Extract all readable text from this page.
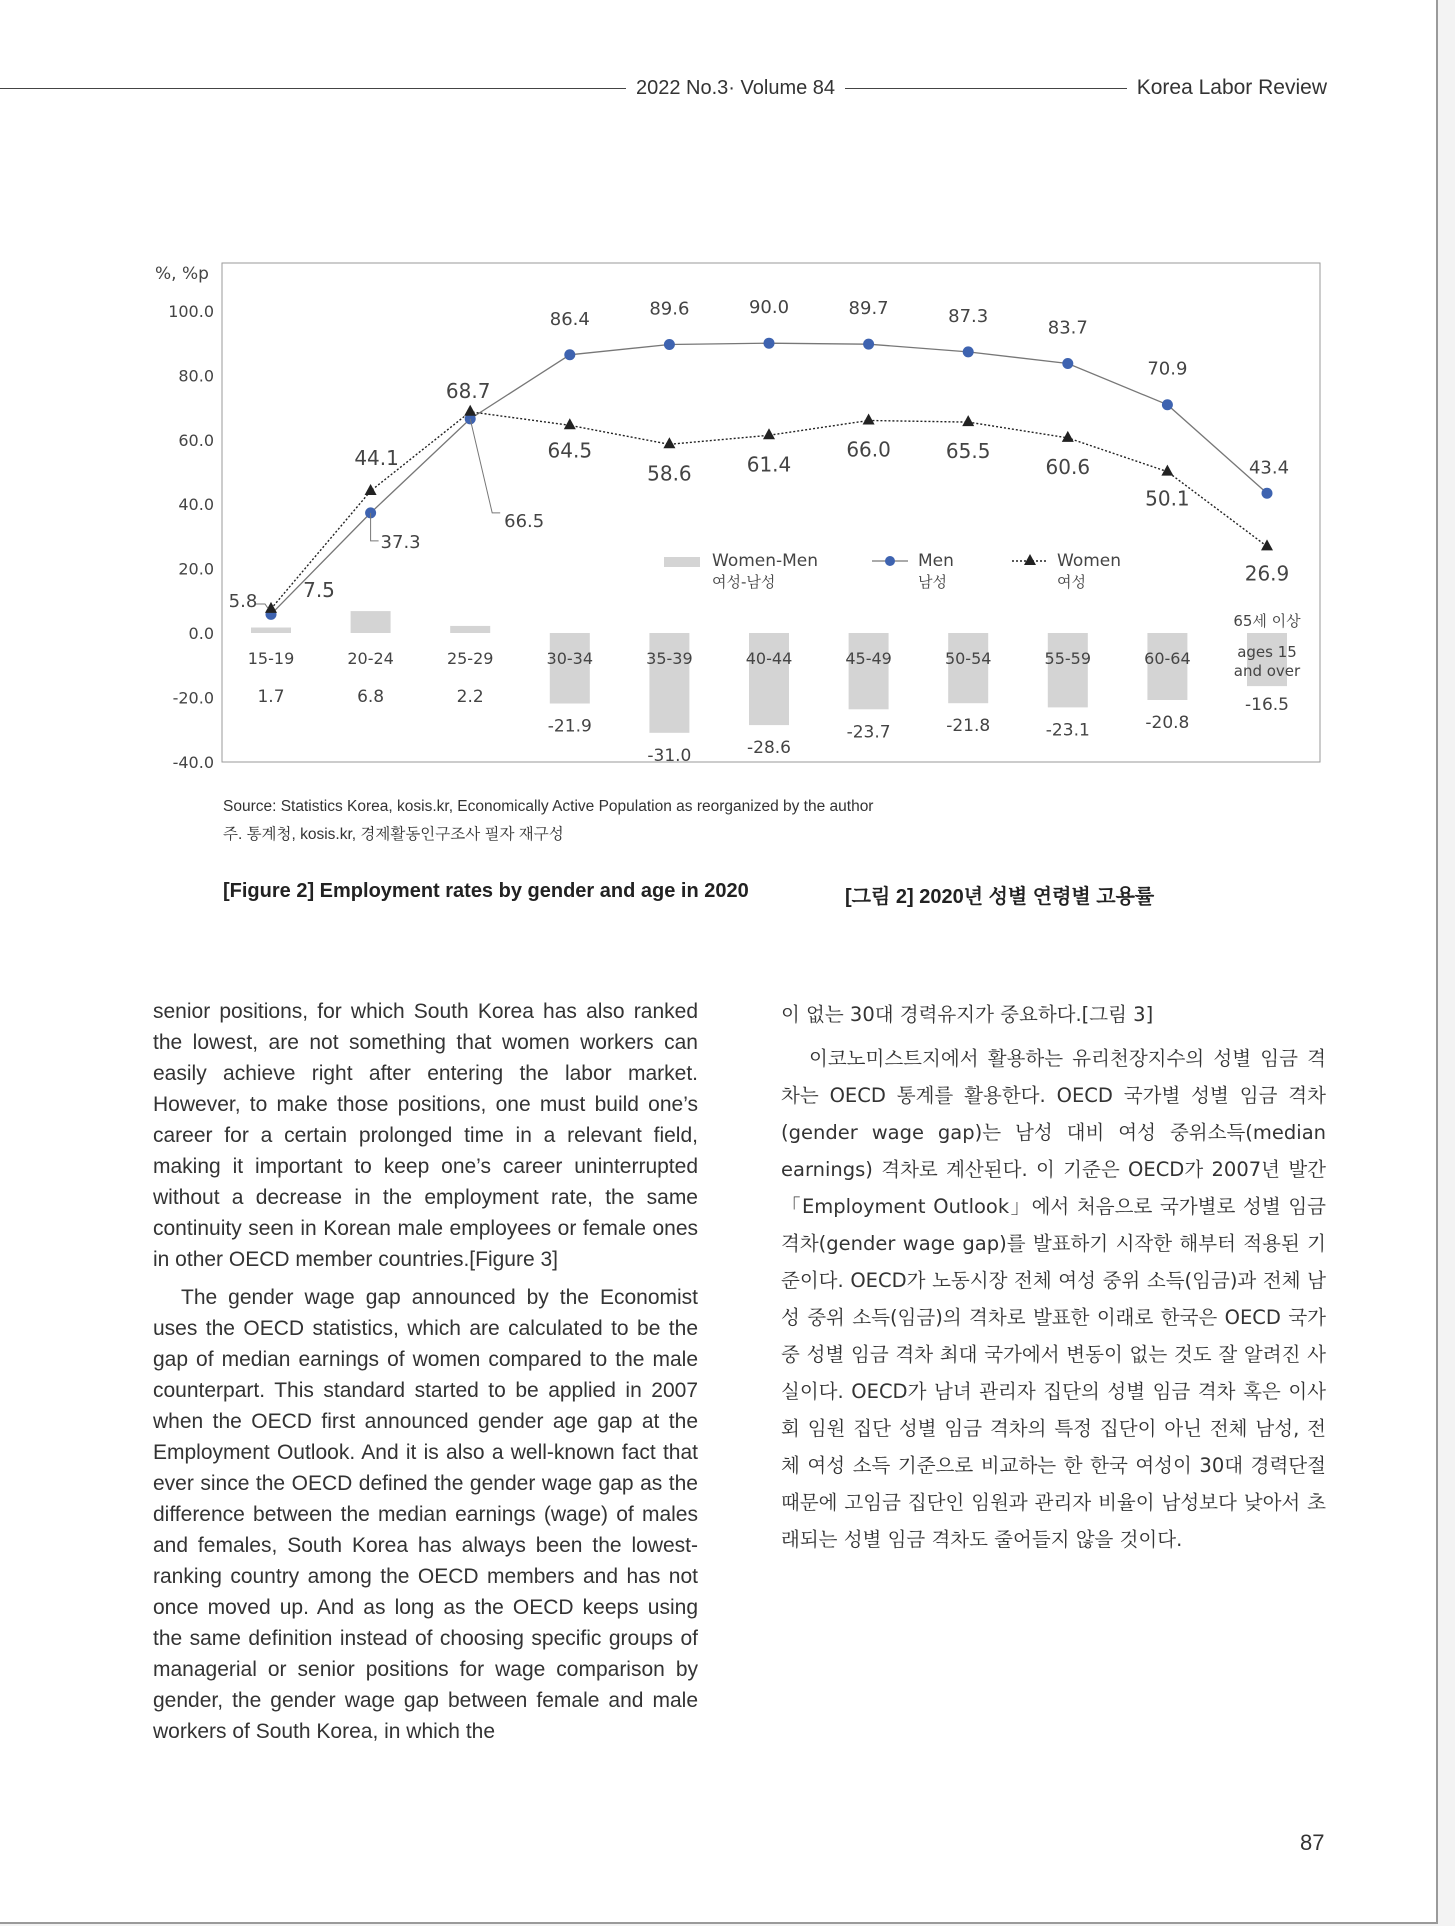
2022 No.3· Volume 84	Korea Labor Review
%, %p
100.0
80.0
60.0
40.0
20.0
0.0
-20.0
-40.0
15-19	20-24	25-29	30-34	35-39	40-44	45-49	50-54	55-59	60-64
65세 이상
ages 15
and over
1.7	6.8	2.2
-21.9
-31.0	-28.6
-23.7	-21.8	-23.1	-20.8
-16.5
5.8
37.3
66.5
86.4	89.6	90.0	89.7	87.3
83.7
70.9
43.4
7.5
44.1
68.7
64.5
58.6	61.4
66.0	65.5
60.6
50.1
26.9
Women-Men
여성-남성
Men
남성
Women
여성
Source: Statistics Korea, kosis.kr, Economically Active Population as reorganized by the author
주. 통계청, kosis.kr, 경제활동인구조사 필자 재구성
[Figure 2] Employment rates by gender and age in 2020	[그림 2] 2020년 성별 연령별 고용률

senior positions, for which South Korea has also ranked the lowest, are not something that women workers can easily achieve right after entering the labor market. However, to make those positions, one must build one’s career for a certain prolonged time in a relevant field, making it important to keep one’s career uninterrupted without a decrease in the employment rate, the same continuity seen in Korean male employees or female ones in other OECD member countries.[Figure 3]

The gender wage gap announced by the Economist uses the OECD statistics, which are calculated to be the gap of median earnings of women compared to the male counterpart. This standard started to be applied in 2007 when the OECD first announced gender age gap at the Employment Outlook. And it is also a well-known fact that ever since the OECD defined the gender wage gap as the difference between the median earnings (wage) of males and females, South Korea has always been the lowest-ranking country among the OECD members and has not once moved up. And as long as the OECD keeps using the same definition instead of choosing specific groups of managerial or senior positions for wage comparison by gender, the gender wage gap between female and male workers of South Korea, in which the

이 없는 30대 경력유지가 중요하다.[그림 3]

이코노미스트지에서 활용하는 유리천장지수의 성별 임금 격차는 OECD 통계를 활용한다. OECD 국가별 성별 임금 격차(gender wage gap)는 남성 대비 여성 중위소득(median earnings) 격차로 계산된다. 이 기준은 OECD가 2007년 발간 「Employment Outlook」에서 처음으로 국가별로 성별 임금 격차(gender wage gap)를 발표하기 시작한 해부터 적용된 기준이다. OECD가 노동시장 전체 여성 중위 소득(임금)과 전체 남성 중위 소득(임금)의 격차로 발표한 이래로 한국은 OECD 국가 중 성별 임금 격차 최대 국가에서 변동이 없는 것도 잘 알려진 사실이다. OECD가 남녀 관리자 집단의 성별 임금 격차 혹은 이사회 임원 집단 성별 임금 격차의 특정 집단이 아닌 전체 남성, 전체 여성 소득 기준으로 비교하는 한 한국 여성이 30대 경력단절 때문에 고임금 집단인 임원과 관리자 비율이 남성보다 낮아서 초래되는 성별 임금 격차도 줄어들지 않을 것이다.

87
